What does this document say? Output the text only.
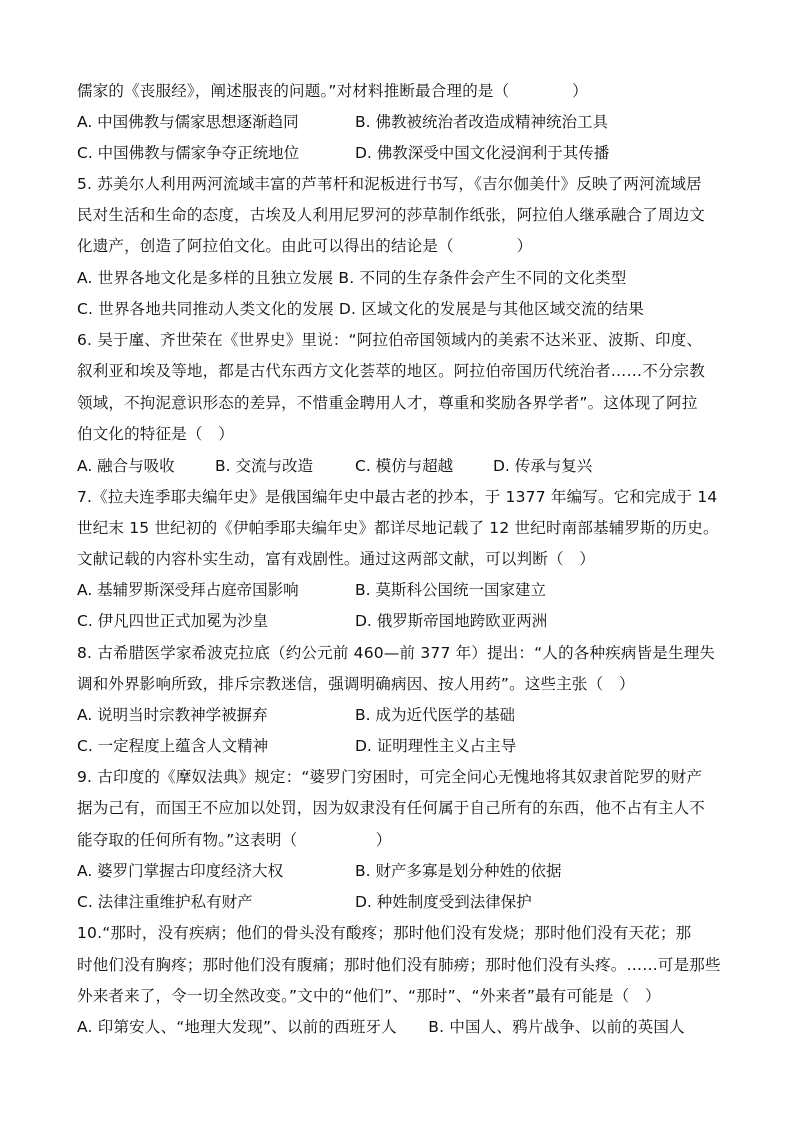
儒家的《丧服经》，阐述服丧的问题。”对材料推断最合理的是（　　　　）
A. 中国佛教与儒家思想逐渐趋同	B. 佛教被统治者改造成精神统治工具
C. 中国佛教与儒家争夺正统地位	D. 佛教深受中国文化浸润利于其传播
5. 苏美尔人利用两河流域丰富的芦苇杆和泥板进行书写，《吉尔伽美什》反映了两河流域居
民对生活和生命的态度，古埃及人利用尼罗河的莎草制作纸张，阿拉伯人继承融合了周边文
化遗产，创造了阿拉伯文化。由此可以得出的结论是（　　　　）
A. 世界各地文化是多样的且独立发展 B. 不同的生存条件会产生不同的文化类型
C. 世界各地共同推动人类文化的发展 D. 区域文化的发展是与其他区域交流的结果
6. 吴于廑、齐世荣在《世界史》里说：“阿拉伯帝国领域内的美索不达米亚、波斯、印度、
叙利亚和埃及等地，都是古代东西方文化荟萃的地区。阿拉伯帝国历代统治者……不分宗教
领域，不拘泥意识形态的差异，不惜重金聘用人才，尊重和奖励各界学者”。这体现了阿拉
伯文化的特征是（　）
A. 融合与吸收	B. 交流与改造	C. 模仿与超越	D. 传承与复兴
7.《拉夫连季耶夫编年史》是俄国编年史中最古老的抄本，于 1377 年编写。它和完成于 14
世纪末 15 世纪初的《伊帕季耶夫编年史》都详尽地记载了 12 世纪时南部基辅罗斯的历史。
文献记载的内容朴实生动，富有戏剧性。通过这两部文献，可以判断（　）
A. 基辅罗斯深受拜占庭帝国影响	B. 莫斯科公国统一国家建立
C. 伊凡四世正式加冕为沙皇	D. 俄罗斯帝国地跨欧亚两洲
8. 古希腊医学家希波克拉底（约公元前 460—前 377 年）提出：“人的各种疾病皆是生理失
调和外界影响所致，排斥宗教迷信，强调明确病因、按人用药”。这些主张（　）
A. 说明当时宗教神学被摒弃	B. 成为近代医学的基础
C. 一定程度上蕴含人文精神	D. 证明理性主义占主导
9. 古印度的《摩奴法典》规定：“婆罗门穷困时，可完全问心无愧地将其奴隶首陀罗的财产
据为己有，而国王不应加以处罚，因为奴隶没有任何属于自己所有的东西，他不占有主人不
能夺取的任何所有物。”这表明（　　　　　）
A. 婆罗门掌握古印度经济大权	B. 财产多寡是划分种姓的依据
C. 法律注重维护私有财产	D. 种姓制度受到法律保护
10.“那时，没有疾病；他们的骨头没有酸疼；那时他们没有发烧；那时他们没有天花；那
时他们没有胸疼；那时他们没有腹痛；那时他们没有肺痨；那时他们没有头疼。……可是那些
外来者来了，令一切全然改变。”文中的“他们”、“那时”、“外来者”最有可能是（　）
A. 印第安人、“地理大发现”、以前的西班牙人　　B. 中国人、鸦片战争、以前的英国人
